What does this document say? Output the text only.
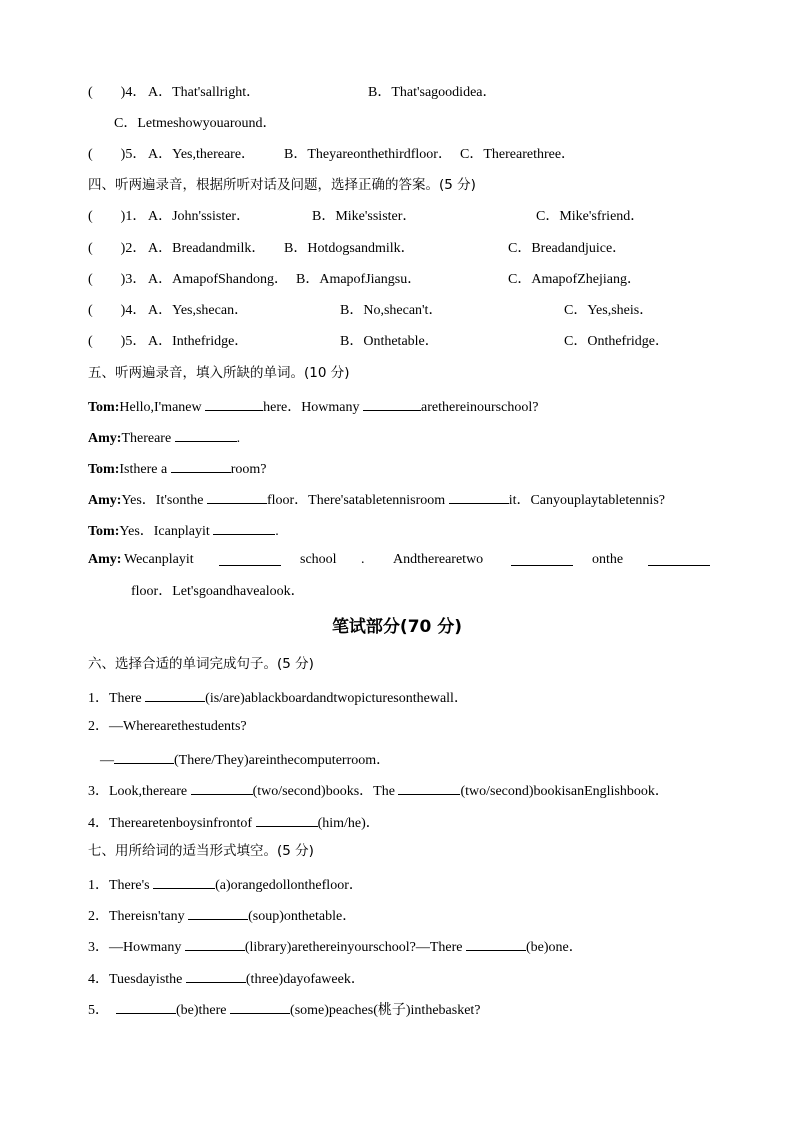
(        )4． A．That'sallright．	B．That'sagoodidea．
C．Letmeshowyouaround．
(        )5． A．Yes,thereare． B．Theyareonthethirdfloor． C．Therearethree．
四、听两遍录音，根据所听对话及问题，选择正确的答案。(5 分)
(        )1． A．John'ssister．	B．Mike'ssister．	C．Mike'sfriend．
(        )2． A．Breadandmilk． B．Hotdogsandmilk．	C．Breadandjuice．
(        )3． A．AmapofShandong． B．AmapofJiangsu．	C．AmapofZhejiang．
(        )4． A．Yes,shecan．	B．No,shecan't．	C．Yes,sheis．
(        )5． A．Inthefridge．	B．Onthetable．	C．Onthefridge．
五、听两遍录音，填入所缺的单词。(10 分)
Tom:Hello,I'manew	here．Howmany	arethereinourschool?
Amy:Thereare	.
Tom:Isthere a	room?
Amy:Yes．It'sonthe	floor．There'satabletennisroom	it．Canyouplaytabletennis?
Tom:Yes．Icanplayit	.
Amy: Wecanplayit	school . Andtherearetwo	onthe
floor．Let'sgoandhavealook．
笔试部分(70 分)
六、选择合适的单词完成句子。(5 分)
1．There	(is/are)ablackboardandtwopicturesonthewall．
2．—Wherearethestudents?
—	(There/They)areinthecomputerroom．
3．Look,thereare	(two/second)books．The	(two/second)bookisanEnglishbook．
4．Therearetenboysinfrontof	(him/he)．
七、用所给词的适当形式填空。(5 分)
1．There's	(a)orangedollonthefloor．
2．Thereisn'tany	(soup)onthetable．
3．—Howmany	(library)arethereinyourschool?—There	(be)one．
4．Tuesdayisthe	(three)dayofaweek．
5．	(be)there	(some)peaches(桃子)inthebasket?
